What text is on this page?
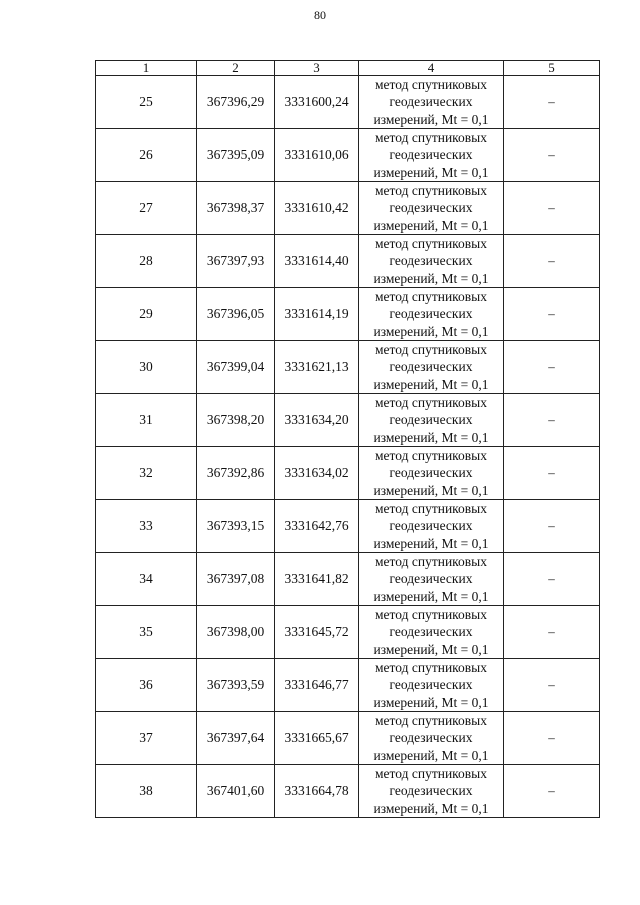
80
1	2	3	4	5
25	367396,29	3331600,24	метод спутниковых
геодезических
измерений, Mt = 0,1	–
26	367395,09	3331610,06	метод спутниковых
геодезических
измерений, Mt = 0,1	–
27	367398,37	3331610,42	метод спутниковых
геодезических
измерений, Mt = 0,1	–
28	367397,93	3331614,40	метод спутниковых
геодезических
измерений, Mt = 0,1	–
29	367396,05	3331614,19	метод спутниковых
геодезических
измерений, Mt = 0,1	–
30	367399,04	3331621,13	метод спутниковых
геодезических
измерений, Mt = 0,1	–
31	367398,20	3331634,20	метод спутниковых
геодезических
измерений, Mt = 0,1	–
32	367392,86	3331634,02	метод спутниковых
геодезических
измерений, Mt = 0,1	–
33	367393,15	3331642,76	метод спутниковых
геодезических
измерений, Mt = 0,1	–
34	367397,08	3331641,82	метод спутниковых
геодезических
измерений, Mt = 0,1	–
35	367398,00	3331645,72	метод спутниковых
геодезических
измерений, Mt = 0,1	–
36	367393,59	3331646,77	метод спутниковых
геодезических
измерений, Mt = 0,1	–
37	367397,64	3331665,67	метод спутниковых
геодезических
измерений, Mt = 0,1	–
38	367401,60	3331664,78	метод спутниковых
геодезических
измерений, Mt = 0,1	–
